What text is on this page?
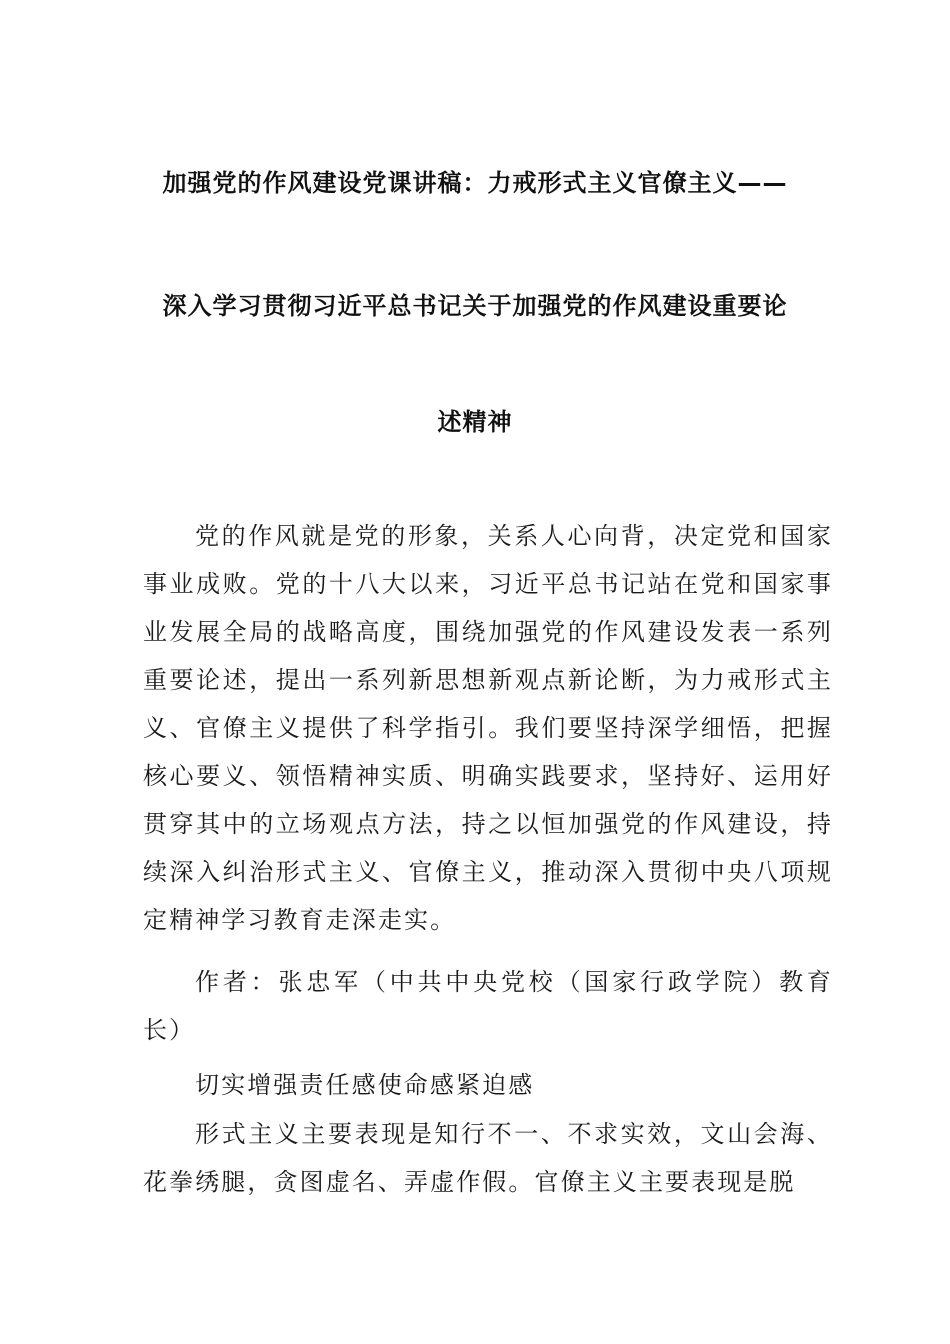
加强党的作风建设党课讲稿：力戒形式主义官僚主义——
深入学习贯彻习近平总书记关于加强党的作风建设重要论
述精神

党的作风就是党的形象，关系人心向背，决定党和国家事业成败。党的十八大以来，习近平总书记站在党和国家事业发展全局的战略高度，围绕加强党的作风建设发表一系列重要论述，提出一系列新思想新观点新论断，为力戒形式主义、官僚主义提供了科学指引。我们要坚持深学细悟，把握核心要义、领悟精神实质、明确实践要求，坚持好、运用好贯穿其中的立场观点方法，持之以恒加强党的作风建设，持续深入纠治形式主义、官僚主义，推动深入贯彻中央八项规定精神学习教育走深走实。

作者：张忠军（中共中央党校（国家行政学院）教育长）

切实增强责任感使命感紧迫感

形式主义主要表现是知行不一、不求实效，文山会海、花拳绣腿，贪图虚名、弄虚作假。官僚主义主要表现是脱
